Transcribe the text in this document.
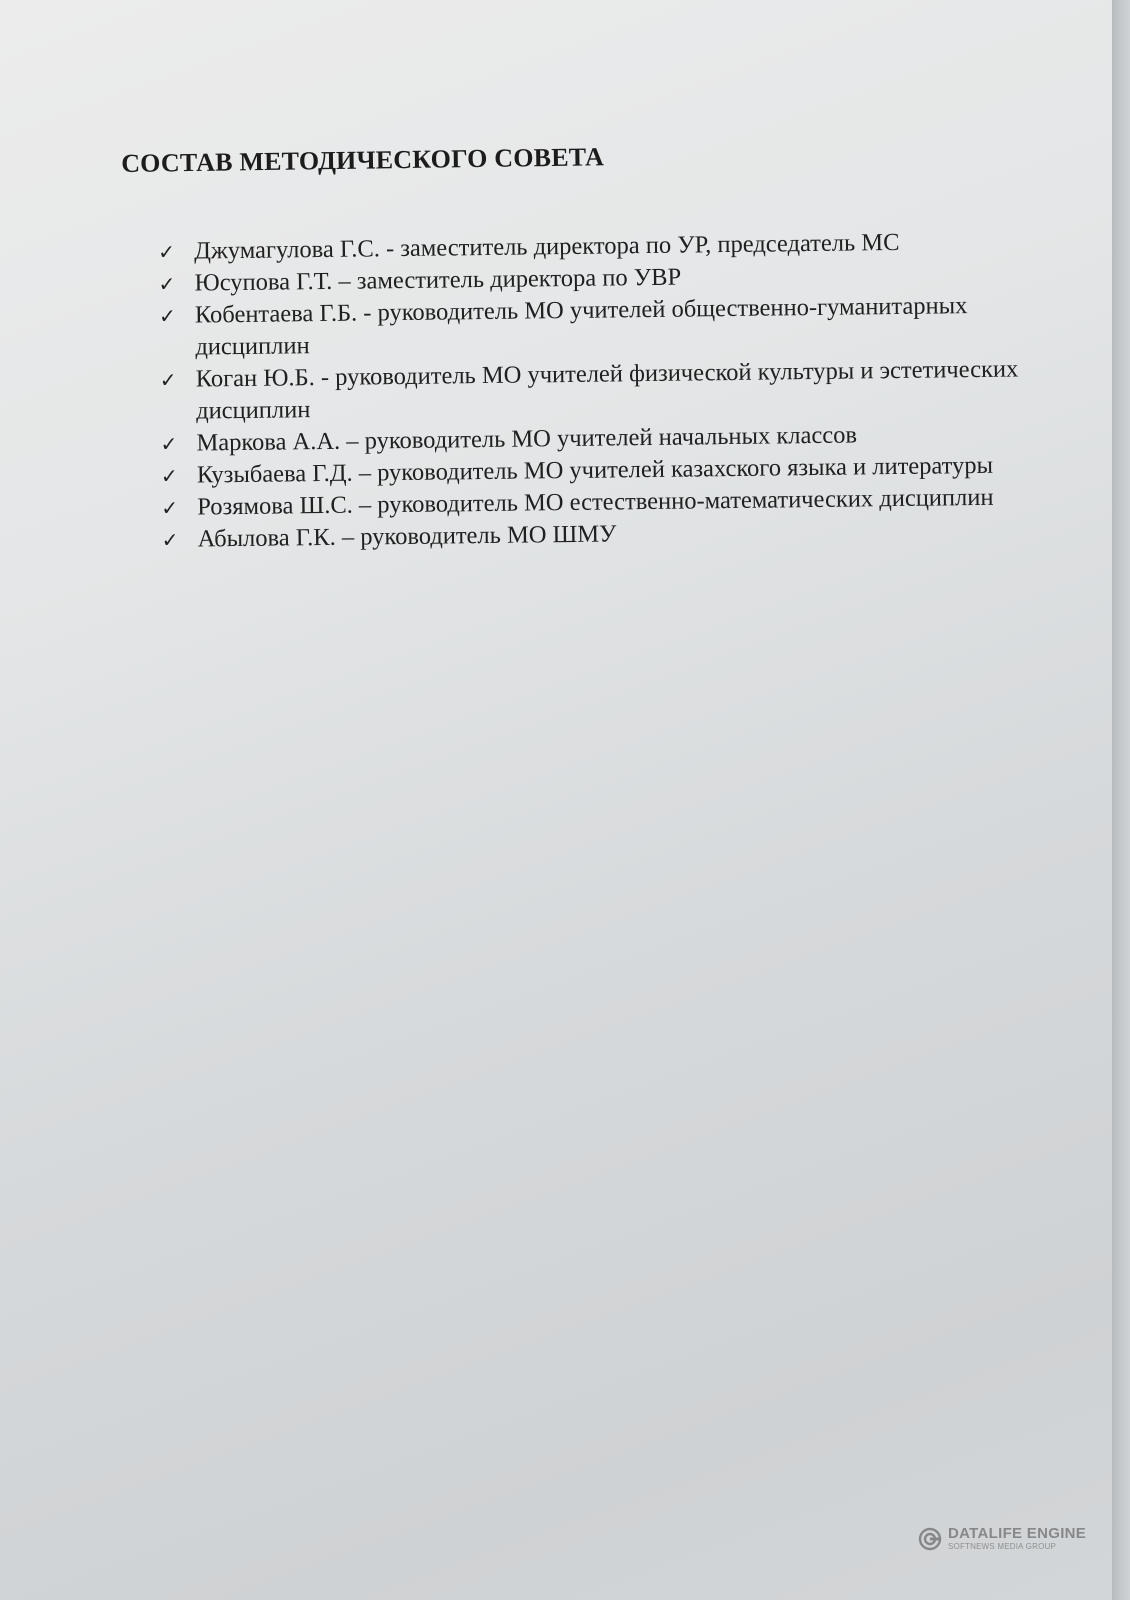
СОСТАВ МЕТОДИЧЕСКОГО СОВЕТА
✓ Джумагулова Г.С. - заместитель директора по УР, председатель МС
✓ Юсупова Г.Т. – заместитель директора по УВР
✓ Кобентаева Г.Б. - руководитель МО учителей общественно-гуманитарных дисциплин
✓ Коган Ю.Б. - руководитель МО учителей физической культуры и эстетических дисциплин
✓ Маркова А.А. – руководитель МО учителей начальных классов
✓ Кузыбаева Г.Д. – руководитель МО учителей казахского языка и литературы
✓ Розямова Ш.С. – руководитель МО естественно-математических дисциплин
✓ Абылова Г.К. – руководитель МО ШМУ
DATALIFE ENGINE
SOFTNEWS MEDIA GROUP
